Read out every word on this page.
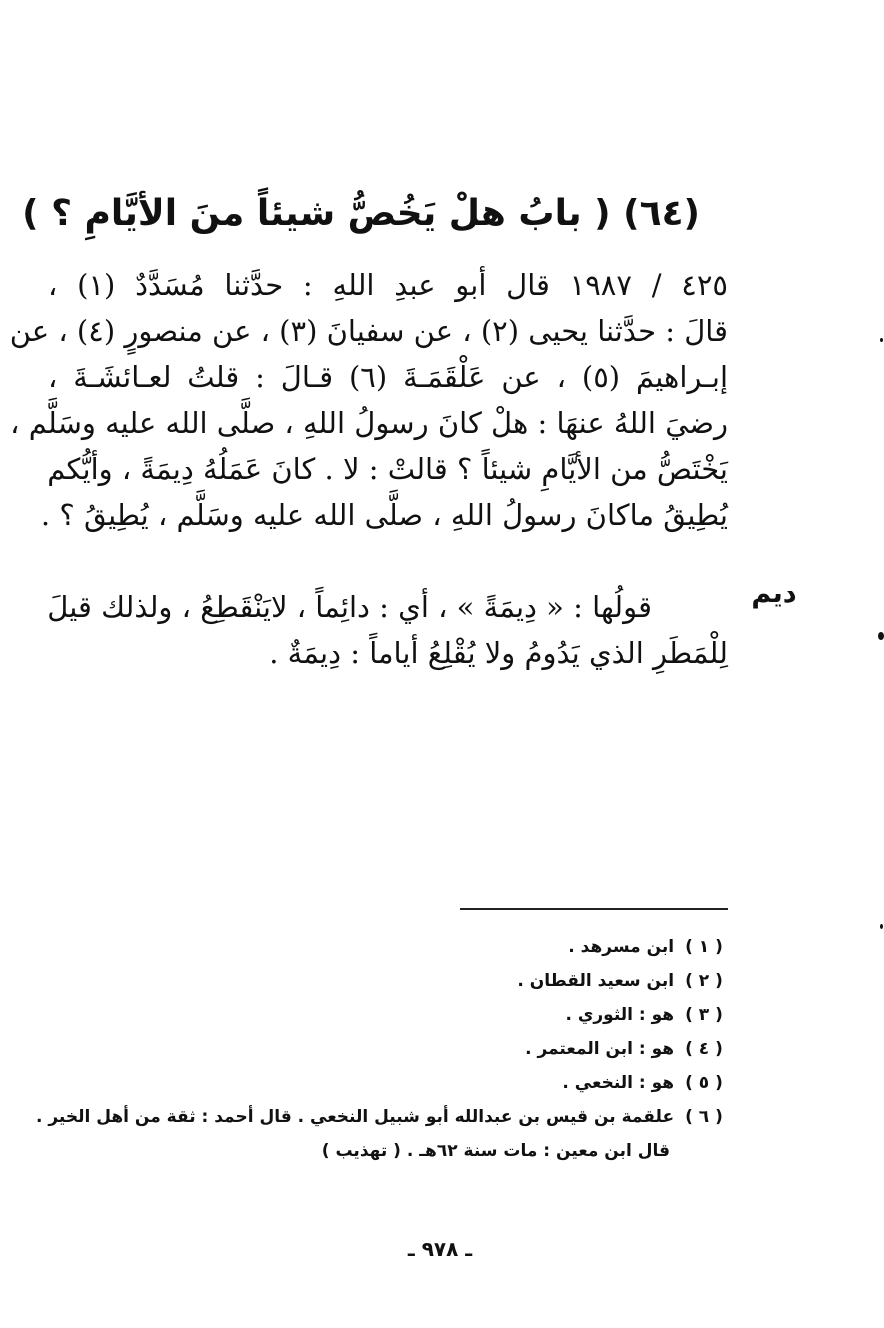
(٦٤) ( بابُ هلْ يَخُصُّ شيئاً منَ الأيَّامِ ؟ )
٤٢٥ / ١٩٨٧ قال أبو عبدِ اللهِ : حدَّثنا مُسَدَّدٌ (١) ،
قالَ : حدَّثنا يحيى (٢) ، عن سفيانَ (٣) ، عن منصورٍ (٤) ، عن
إبـراهيمَ (٥) ، عن عَلْقَمَـةَ (٦) قـالَ : قلتُ لعـائشَـةَ ،
رضيَ اللهُ عنهَا : هلْ كانَ رسولُ اللهِ ، صلَّى الله عليه وسَلَّم ،
يَخْتَصُّ من الأيَّامِ شيئاً ؟ قالتْ : لا . كانَ عَمَلُهُ دِيمَةً ، وأيُّكم
يُطِيقُ ماكانَ رسولُ اللهِ ، صلَّى الله عليه وسَلَّم ، يُطِيقُ ؟ .
ديم
قولُها : « دِيمَةً » ، أي : دائِماً ، لايَنْقَطِعُ ، ولذلك قيلَ
لِلْمَطَرِ الذي يَدُومُ ولا يُقْلِعُ أياماً : دِيمَةٌ .
( ١ ) ابن مسرهد .
( ٢ ) ابن سعيد القطان .
( ٣ ) هو : الثوري .
( ٤ ) هو : ابن المعتمر .
( ٥ ) هو : النخعي .
( ٦ ) علقمة بن قيس بن عبدالله أبو شبيل النخعي . قال أحمد : ثقة من أهل الخير .
قال ابن معين : مات سنة ٦٢هـ . ( تهذيب )
ـ ٩٧٨ ـ
